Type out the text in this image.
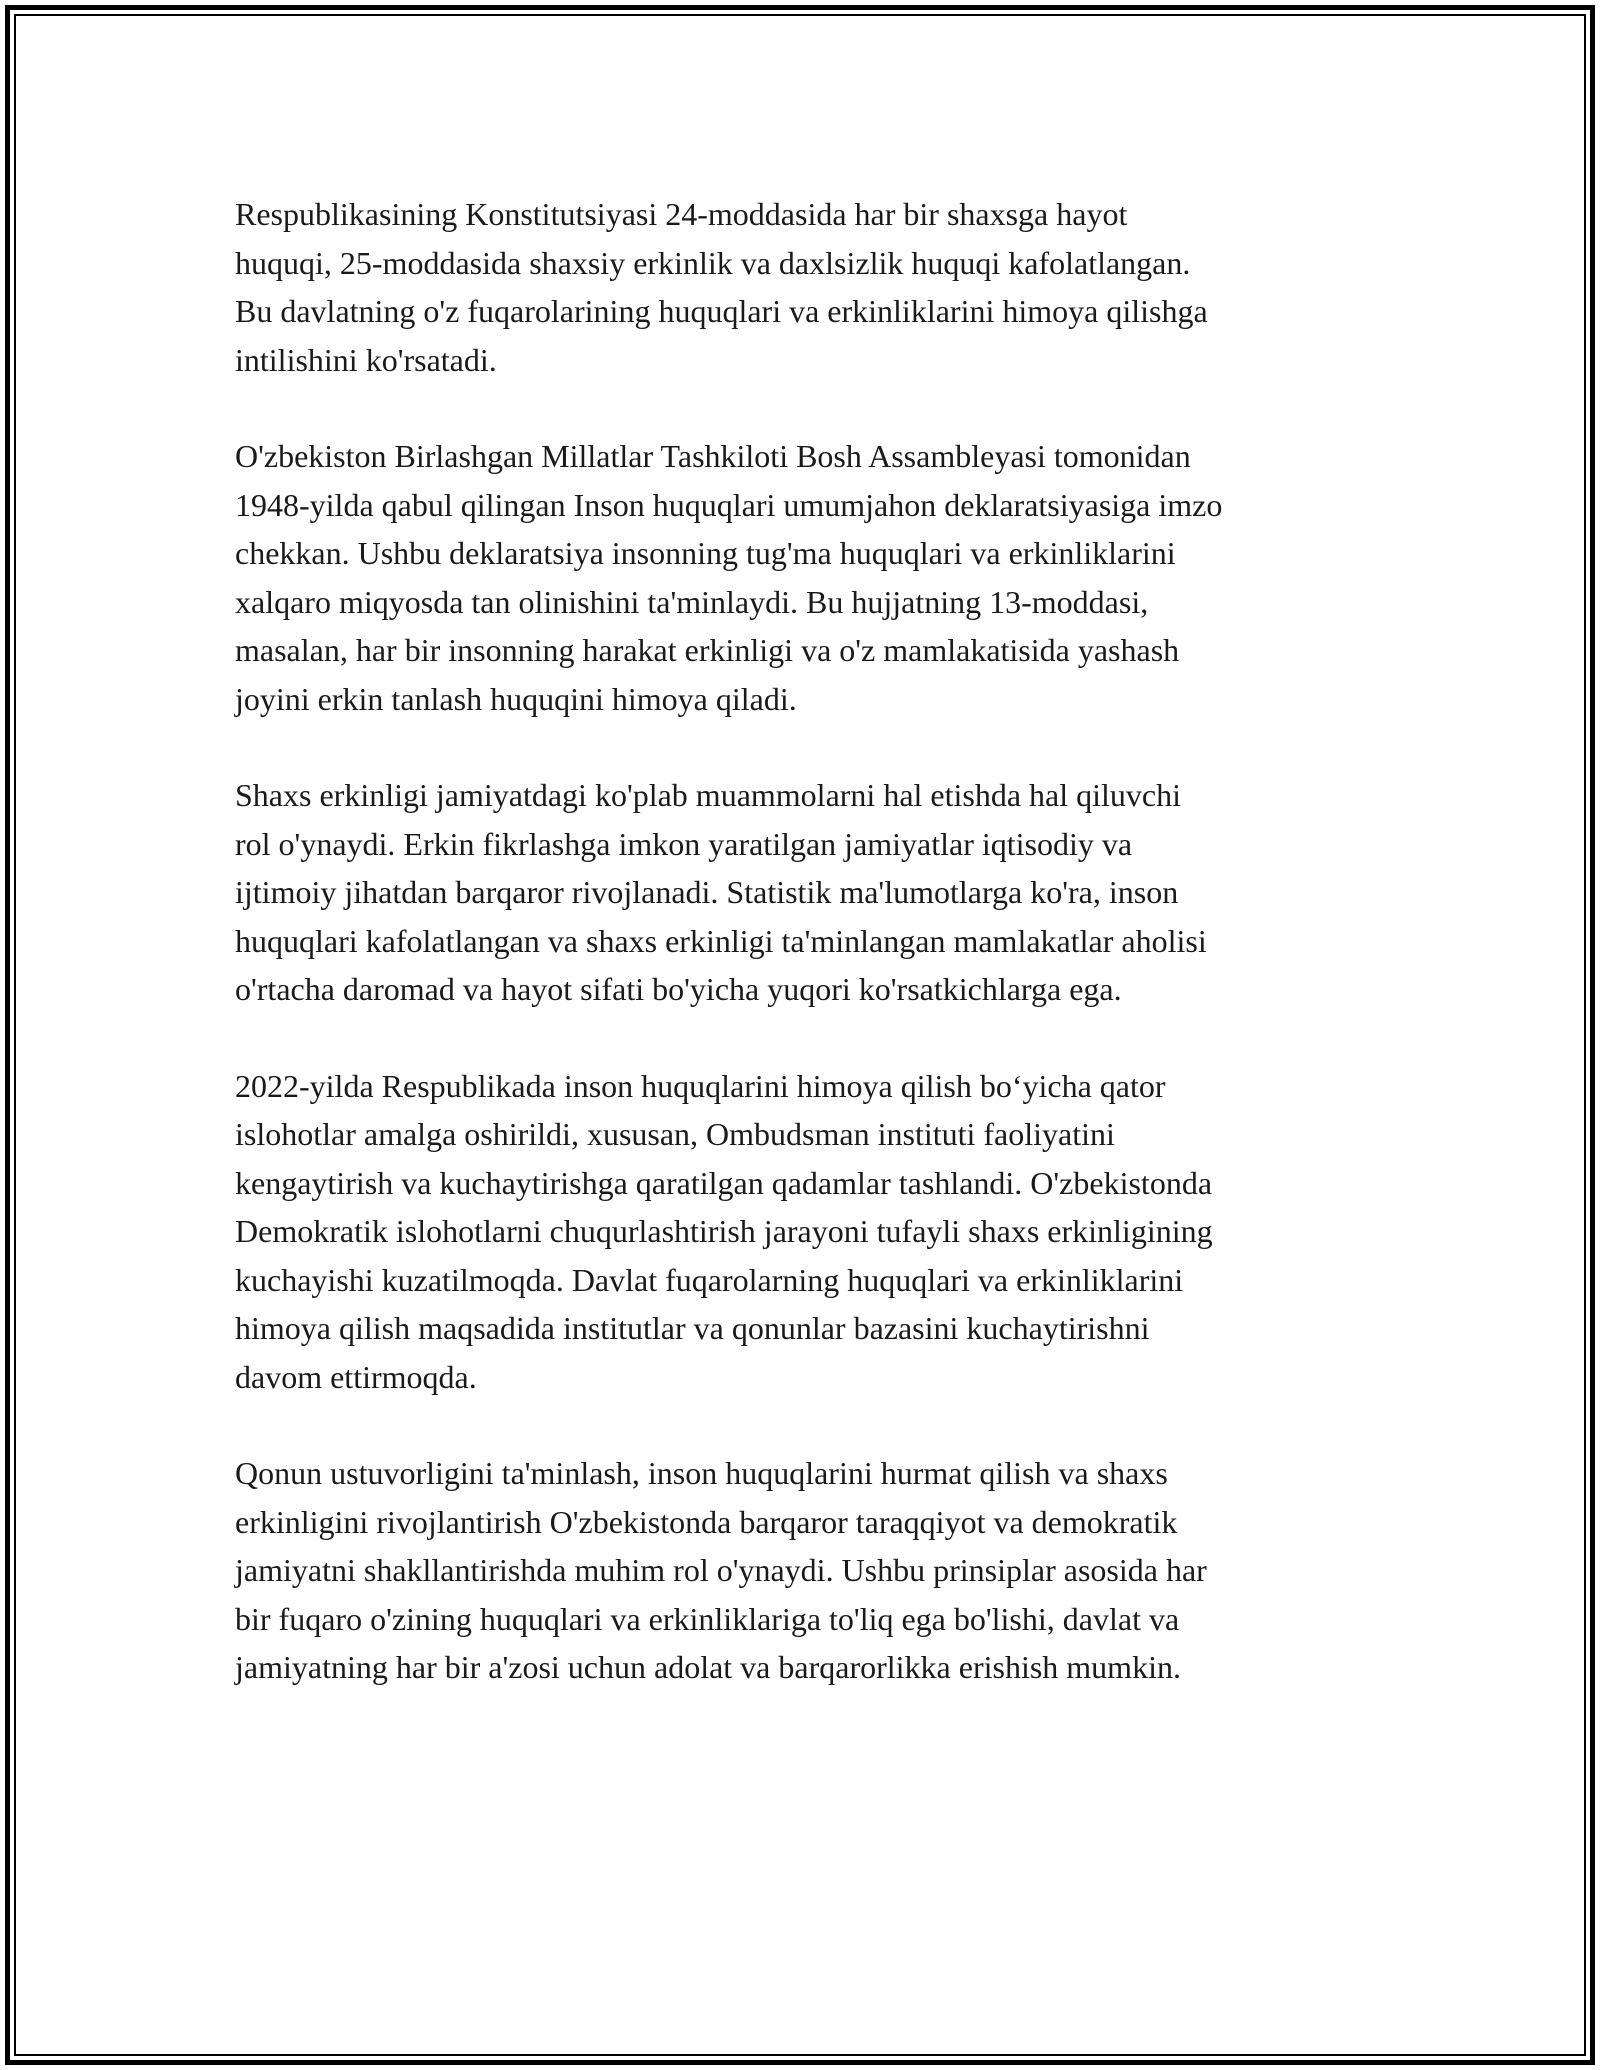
Respublikasining Konstitutsiyasi 24-moddasida har bir shaxsga hayot
huquqi, 25-moddasida shaxsiy erkinlik va daxlsizlik huquqi kafolatlangan.
Bu davlatning o'z fuqarolarining huquqlari va erkinliklarini himoya qilishga
intilishini ko'rsatadi.

O'zbekiston Birlashgan Millatlar Tashkiloti Bosh Assambleyasi tomonidan
1948-yilda qabul qilingan Inson huquqlari umumjahon deklaratsiyasiga imzo
chekkan. Ushbu deklaratsiya insonning tug'ma huquqlari va erkinliklarini
xalqaro miqyosda tan olinishini ta'minlaydi. Bu hujjatning 13-moddasi,
masalan, har bir insonning harakat erkinligi va o'z mamlakatisida yashash
joyini erkin tanlash huquqini himoya qiladi.

Shaxs erkinligi jamiyatdagi ko'plab muammolarni hal etishda hal qiluvchi
rol o'ynaydi. Erkin fikrlashga imkon yaratilgan jamiyatlar iqtisodiy va
ijtimoiy jihatdan barqaror rivojlanadi. Statistik ma'lumotlarga ko'ra, inson
huquqlari kafolatlangan va shaxs erkinligi ta'minlangan mamlakatlar aholisi
o'rtacha daromad va hayot sifati bo'yicha yuqori ko'rsatkichlarga ega.

2022-yilda Respublikada inson huquqlarini himoya qilish bo‘yicha qator
islohotlar amalga oshirildi, xususan, Ombudsman instituti faoliyatini
kengaytirish va kuchaytirishga qaratilgan qadamlar tashlandi. O'zbekistonda
Demokratik islohotlarni chuqurlashtirish jarayoni tufayli shaxs erkinligining
kuchayishi kuzatilmoqda. Davlat fuqarolarning huquqlari va erkinliklarini
himoya qilish maqsadida institutlar va qonunlar bazasini kuchaytirishni
davom ettirmoqda.

Qonun ustuvorligini ta'minlash, inson huquqlarini hurmat qilish va shaxs
erkinligini rivojlantirish O'zbekistonda barqaror taraqqiyot va demokratik
jamiyatni shakllantirishda muhim rol o'ynaydi. Ushbu prinsiplar asosida har
bir fuqaro o'zining huquqlari va erkinliklariga to'liq ega bo'lishi, davlat va
jamiyatning har bir a'zosi uchun adolat va barqarorlikka erishish mumkin.
